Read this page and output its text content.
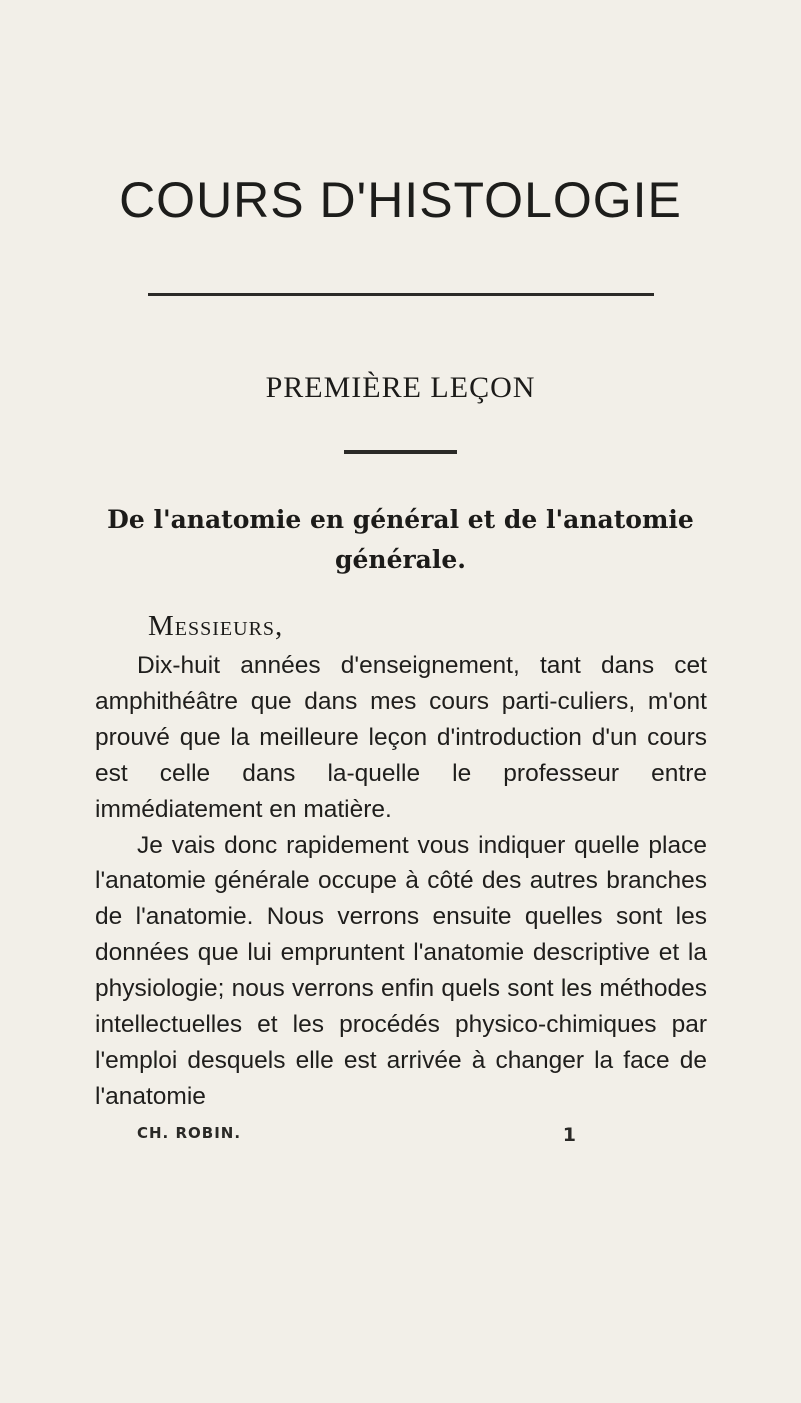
COURS D'HISTOLOGIE
PREMIÈRE LEÇON
De l'anatomie en général et de l'anatomie
générale.
Messieurs,

Dix-huit années d'enseignement, tant dans cet amphithéâtre que dans mes cours parti-culiers, m'ont prouvé que la meilleure leçon d'introduction d'un cours est celle dans la-quelle le professeur entre immédiatement en matière.

Je vais donc rapidement vous indiquer quelle place l'anatomie générale occupe à côté des autres branches de l'anatomie. Nous verrons ensuite quelles sont les données que lui empruntent l'anatomie descriptive et la physiologie; nous verrons enfin quels sont les méthodes intellectuelles et les procédés physico-chimiques par l'emploi desquels elle est arrivée à changer la face de l'anatomie

CH. ROBIN.	1
